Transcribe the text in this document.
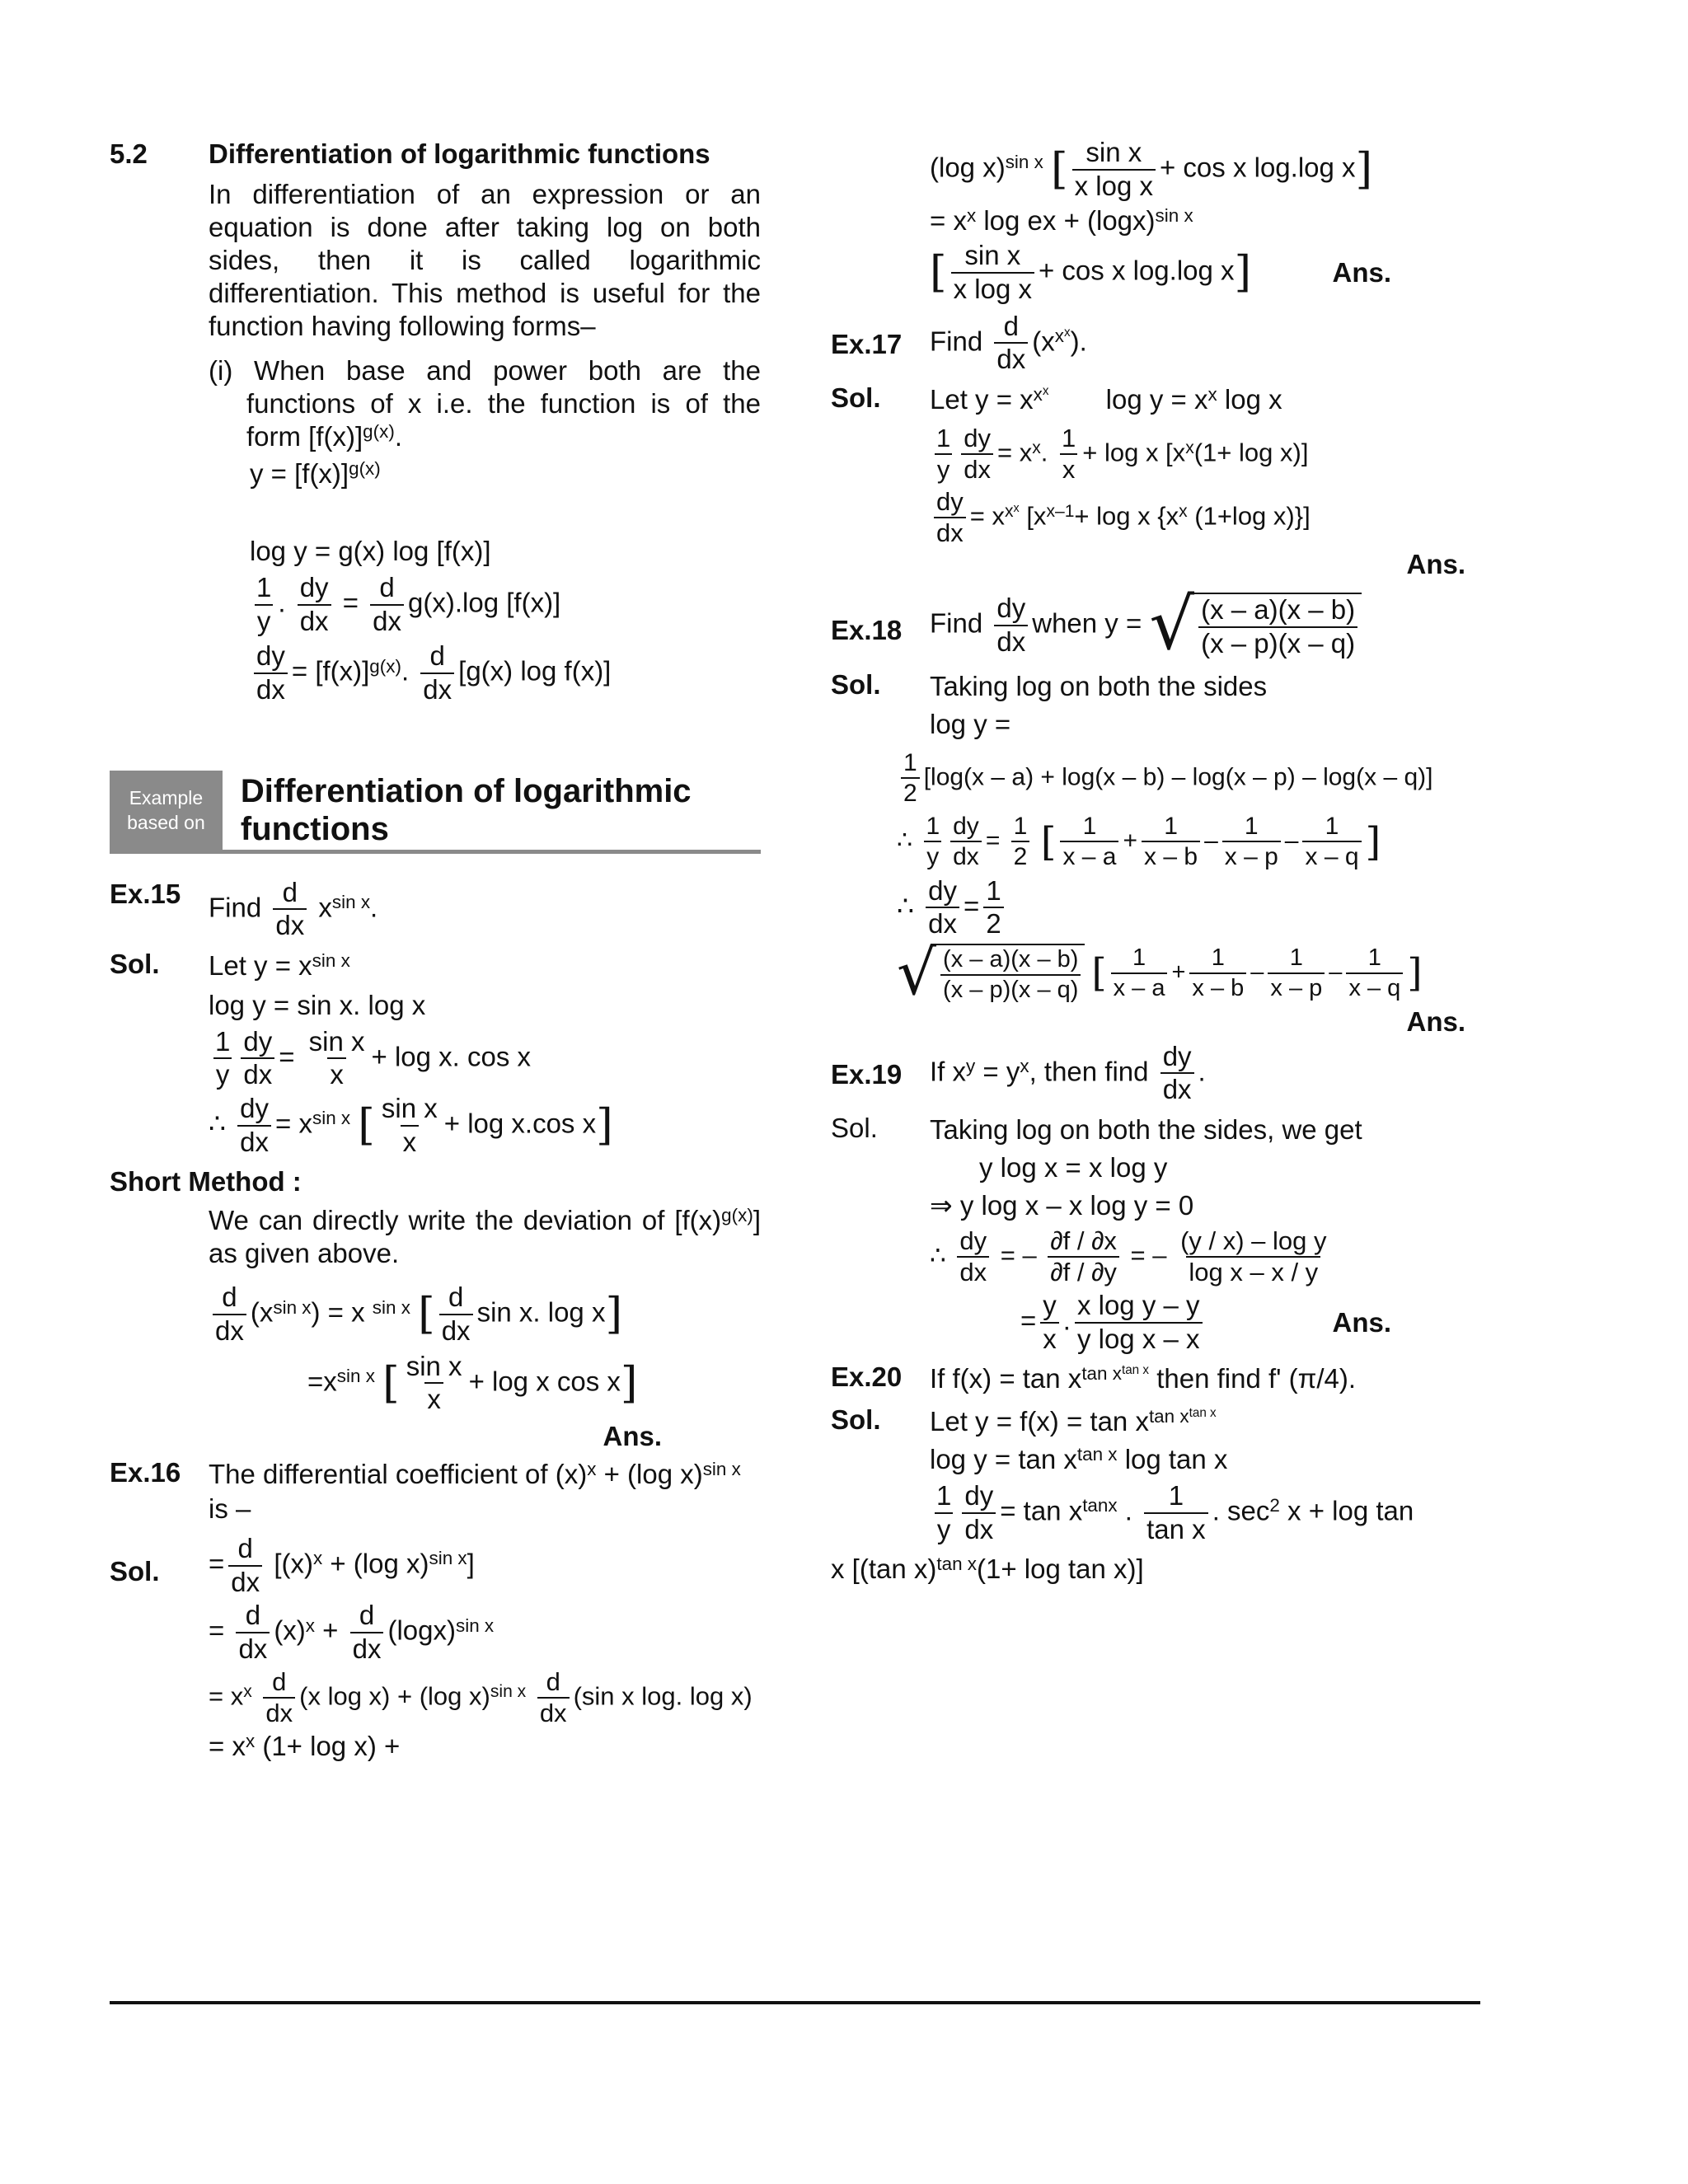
5.2	Differentiation of logarithmic functions

In differentiation of an expression or an equation is done after taking log on both sides, then it is called logarithmic differentiation. This method is useful for the function having following forms–

(i) When base and power both are the functions of x i.e. the function is of the form $[f(x)]^{g(x)}$.

$y = [f(x)]^{g(x)}$
log y = g(x) log [f(x)]
$\frac{1}{y}$ . $\frac{dy}{dx} = \frac{d}{dx} g(x).\log$ [f(x)]
$\frac{dy}{dx} = [f(x)]^{g(x)}$. $\frac{d}{dx} [g(x)$ log f(x)]
Example
based on
Differentiation of logarithmic functions
Ex.15	Find $\frac{d}{dx} x^{sin x}$.
Sol.	Let $y = x^{sin x}$
log y = sin x. log x
$\frac{1}{y} \frac{dy}{dx} = \frac{\text{sin x}}{x} + \log x$. cos x
∴ $\frac{dy}{dx} = x^{sin x}$ [ $\frac{\text{sin x}}{x} + \log x.\cos$ x]
Short Method :

We can directly write the deviation of $[f(x)^{g(x)}]$ as given above.

$\frac{d}{dx} (x^{sin x}) = x$ $^{sin x}$ [ $\frac{d}{dx}$ sin x. log x]
$=x^{sin x}$ [ $\frac{\text{sin x}}{x} + \log x$ cos x]
Ans.
Ex.16	The differential coefficient of $(x)^x + (\log$ x)$^{sin x}$
is –
Sol.	= $\frac{d}{dx} [(x)^x + (\log$ x)$^{sin x}$]
= $\frac{d}{dx} (x)^x + \frac{d}{dx} (\log x)^{sin x}$
= $x^x \frac{d}{dx} (x$ log x) + (log $x)^{sin x} \frac{d}{dx} (\sin$ x log. log x)
= $x^x$ (1+ log x) +
(log x)$^{sin x}$ [ $\frac{\text{sin x}}{\text{x log x}} + \cos x$ log.log x]
= $x^x$ log ex + $(\log x)^{sin x}$
[ $\frac{\text{sin x}}{\text{x log x}} + \cos x$ log.log x]	Ans.
Ex.17	Find $\frac{d}{dx} (x^{x^x})$.
Sol.	Let $y = x^{x^x}$ $\log y = x^x$ log x
$\frac{1}{y} \frac{dy}{dx} = x^x$. $\frac{1}{x} + \log x$ $[x^x(1+ \log x)]$
$\frac{dy}{dx} = x^{x^x}$ [$x^{x-1}+ \log x$ {$x^x$ (1+log x)}]
Ans.
Ex.18	Find $\frac{dy}{dx}$ when y = √ $\frac{(x - a)(x - b)}{(x - p)(x - q)}$
Sol.	Taking log on both the sides
log y =
$\frac{1}{2} [\log(x - a) + \log(x - b) - \log(x - p) - \log(x - q)]$
∴ $\frac{1}{y} \frac{dy}{dx} = \frac{1}{2}$ [ $\frac{1}{x - a} + \frac{1}{x - b} - \frac{1}{x - p} - \frac{1}{x - q}$ ]
∴ $\frac{dy}{dx} = \frac{1}{2}$
√ $\frac{(x - a)(x - b)}{(x - p)(x - q)}$ [ $\frac{1}{x - a} + \frac{1}{x - b} - \frac{1}{x - p} - \frac{1}{x - q}$ ]
Ans.
Ex.19	If $x^y = y^x$, then find $\frac{dy}{dx}$ .
Sol.	Taking log on both the sides, we get
y log x = x log y
⇒ y log x – x log y = 0
∴ $\frac{dy}{dx}$ = – $\frac{\partial f / \partial x}{\partial f / \partial y}$ = – $\frac{\text{(y / x) – log y}}{\text{log x – x / y}}$
= $\frac{y}{x}$ . $\frac{\text{x log y – y}}{\text{y log x – x}}$	Ans.
Ex.20	If $f(x) = \tan x^{tan x^{tan x}}$ then find f' (π/4).
Sol.	Let $y = f(x) = \tan x^{tan x^{tan x}}$
$\log y = \tan x^{tan x}$ log tan x
$\frac{1}{y} \frac{dy}{dx} = \tan x^{tanx}$ . $\frac{1}{\text{tan x}}$ . $\sec^2 x + \log \tan$
x [(tan x)$^{tan x}$(1+ log tan x)]
